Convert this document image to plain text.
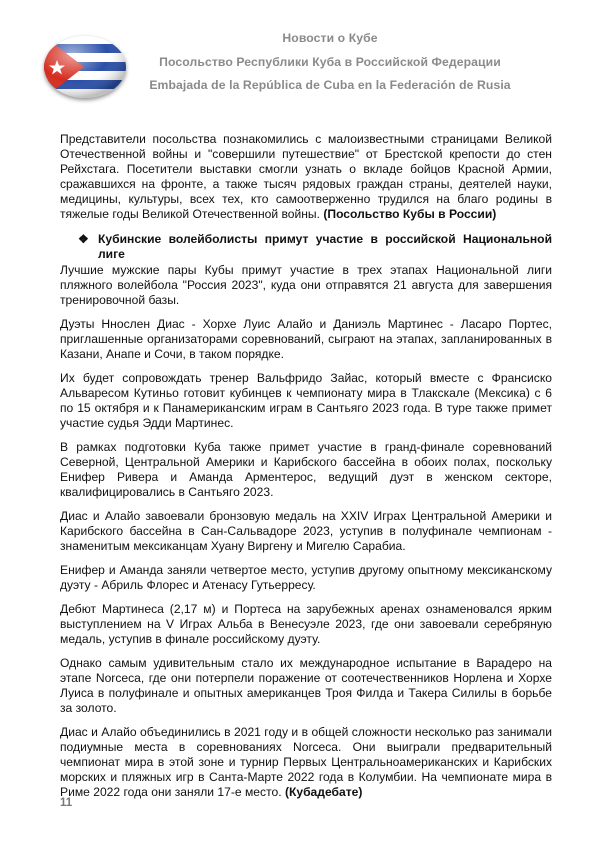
Новости о Кубе
Посольство Республики Куба в Российской Федерации
Embajada de la República de Cuba en la Federación de Rusia

Представители посольства познакомились с малоизвестными страницами Великой Отечественной войны и "совершили путешествие" от Брестской крепости до стен Рейхстага. Посетители выставки смогли узнать о вкладе бойцов Красной Армии, сражавшихся на фронте, а также тысяч рядовых граждан страны, деятелей науки, медицины, культуры, всех тех, кто самоотверженно трудился на благо родины в тяжелые годы Великой Отечественной войны. (Посольство Кубы в России)

❖ Кубинские волейболисты примут участие в российской Национальной лиге

Лучшие мужские пары Кубы примут участие в трех этапах Национальной лиги пляжного волейбола "Россия 2023", куда они отправятся 21 августа для завершения тренировочной базы.

Дуэты Ннослен Диас - Хорхе Луис Алайо и Даниэль Мартинес - Ласаро Портес, приглашенные организаторами соревнований, сыграют на этапах, запланированных в Казани, Анапе и Сочи, в таком порядке.

Их будет сопровождать тренер Вальфридо Зайас, который вместе с Франсиско Альваресом Кутиньо готовит кубинцев к чемпионату мира в Тлакскале (Мексика) с 6 по 15 октября и к Панамериканским играм в Сантьяго 2023 года. В туре также примет участие судья Эдди Мартинес.

В рамках подготовки Куба также примет участие в гранд-финале соревнований Северной, Центральной Америки и Карибского бассейна в обоих полах, поскольку Енифер Ривера и Аманда Арментерос, ведущий дуэт в женском секторе, квалифицировались в Сантьяго 2023.

Диас и Алайо завоевали бронзовую медаль на XXIV Играх Центральной Америки и Карибского бассейна в Сан-Сальвадоре 2023, уступив в полуфинале чемпионам - знаменитым мексиканцам Хуану Виргену и Мигелю Сарабиа.

Енифер и Аманда заняли четвертое место, уступив другому опытному мексиканскому дуэту - Абриль Флорес и Атенасу Гутьерресу.

Дебют Мартинеса (2,17 м) и Портеса на зарубежных аренах ознаменовался ярким выступлением на V Играх Альба в Венесуэле 2023, где они завоевали серебряную медаль, уступив в финале российскому дуэту.

Однако самым удивительным стало их международное испытание в Варадеро на этапе Norceca, где они потерпели поражение от соотечественников Норлена и Хорхе Луиса в полуфинале и опытных американцев Троя Филда и Такера Силилы в борьбе за золото.

Диас и Алайо объединились в 2021 году и в общей сложности несколько раз занимали подиумные места в соревнованиях Norceca. Они выиграли предварительный чемпионат мира в этой зоне и турнир Первых Центральноамериканских и Карибских морских и пляжных игр в Санта-Марте 2022 года в Колумбии. На чемпионате мира в Риме 2022 года они заняли 17-е место. (Кубадебате)

11
